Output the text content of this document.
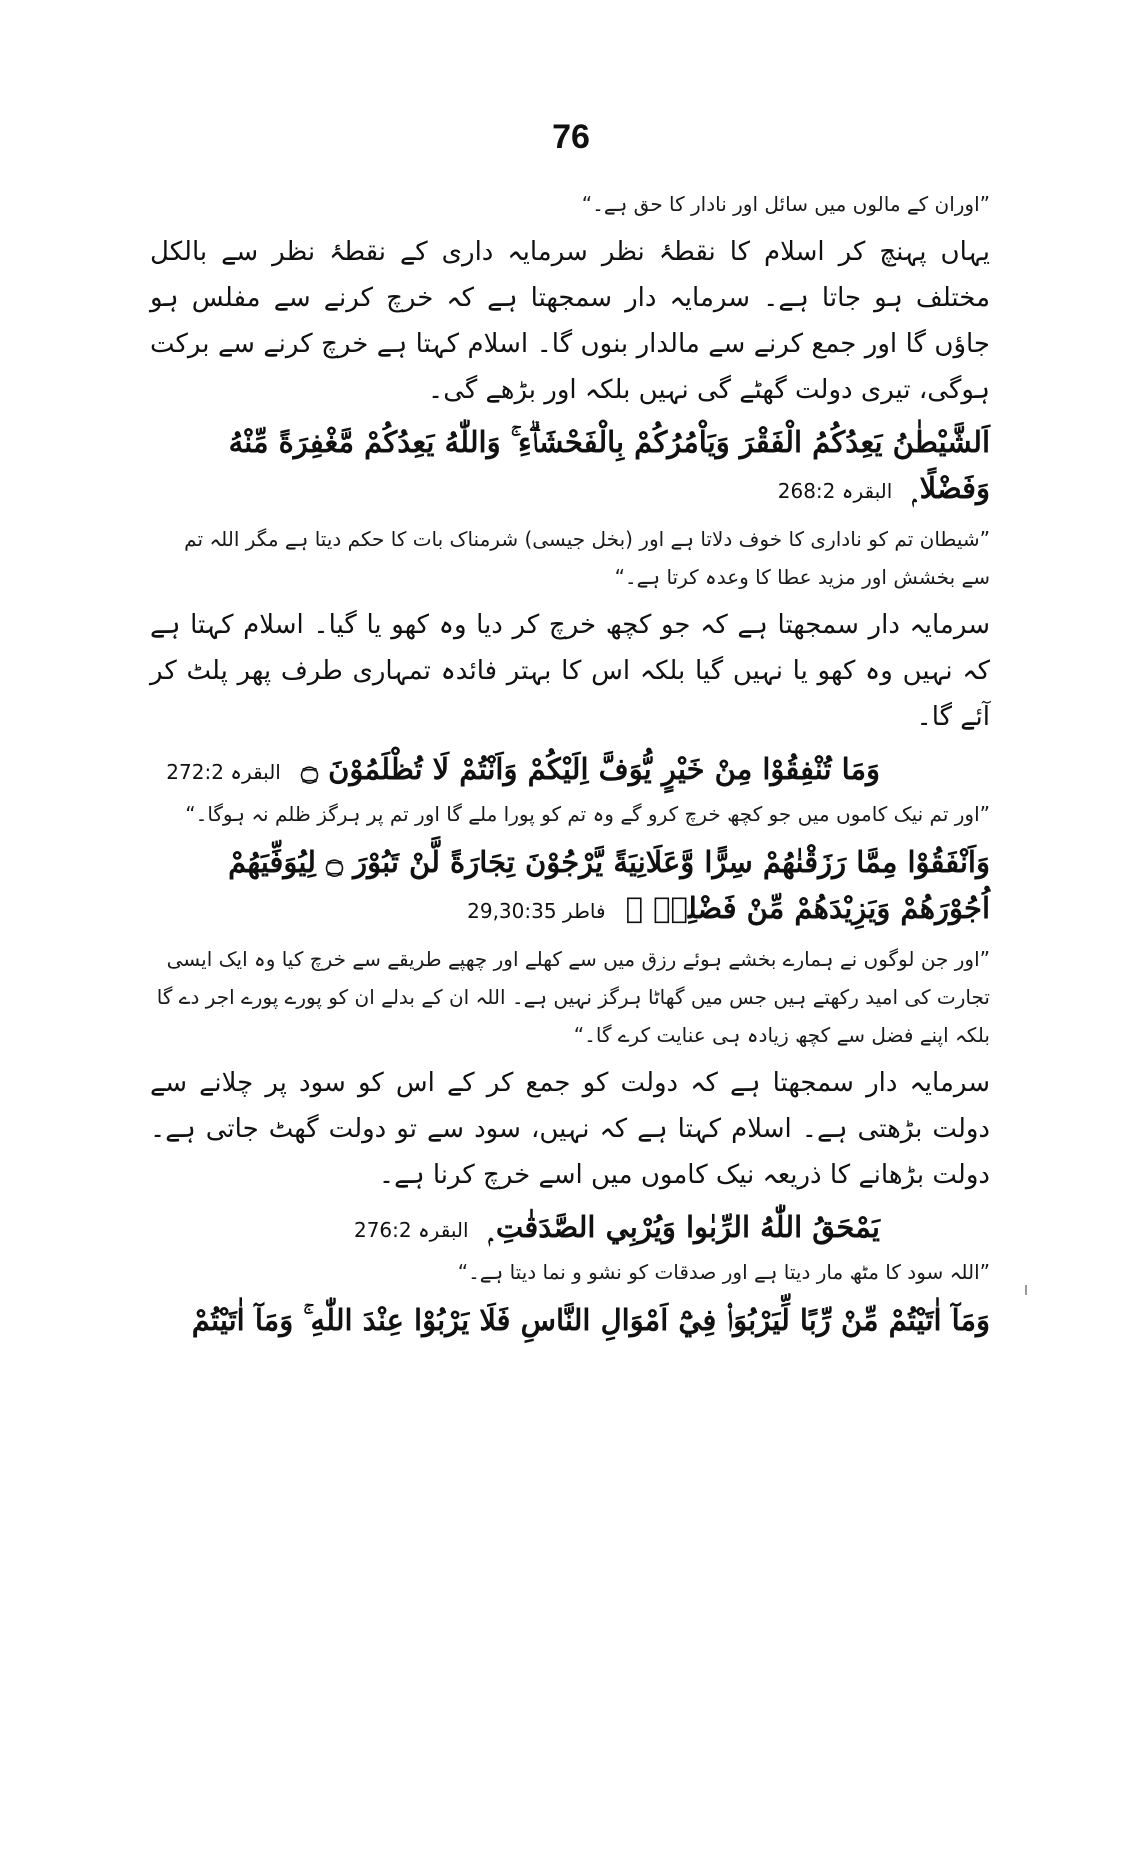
76

”اوران کے مالوں میں سائل اور نادار کا حق ہے۔“

یہاں پہنچ کر اسلام کا نقطۂ نظر سرمایہ داری کے نقطۂ نظر سے بالکل مختلف ہو جاتا ہے۔ سرمایہ دار سمجھتا ہے کہ خرچ کرنے سے مفلس ہو جاؤں گا اور جمع کرنے سے مالدار بنوں گا۔ اسلام کہتا ہے خرچ کرنے سے برکت ہوگی، تیری دولت گھٹے گی نہیں بلکہ اور بڑھے گی۔

اَلشَّيْطٰنُ يَعِدُكُمُ الْفَقْرَ وَيَاْمُرُكُمْ بِالْفَحْشَاۗءِ ۚ وَاللّٰهُ يَعِدُكُمْ مَّغْفِرَةً مِّنْهُ وَفَضْلًا ۭ البقرہ 268:2

”شیطان تم کو ناداری کا خوف دلاتا ہے اور (بخل جیسی) شرمناک بات کا حکم دیتا ہے مگر اللہ تم سے بخشش اور مزید عطا کا وعدہ کرتا ہے۔“

سرمایہ دار سمجھتا ہے کہ جو کچھ خرچ کر دیا وہ کھو یا گیا۔ اسلام کہتا ہے کہ نہیں وہ کھو یا نہیں گیا بلکہ اس کا بہتر فائدہ تمہاری طرف پھر پلٹ کر آئے گا۔

وَمَا تُنْفِقُوْا مِنْ خَيْرٍ يُّوَفَّ اِلَيْكُمْ وَاَنْتُمْ لَا تُظْلَمُوْنَ ۝ البقرہ 272:2

”اور تم نیک کاموں میں جو کچھ خرچ کرو گے وہ تم کو پورا ملے گا اور تم پر ہرگز ظلم نہ ہوگا۔“

وَاَنْفَقُوْا مِمَّا رَزَقْنٰهُمْ سِرًّا وَّعَلَانِيَةً يَّرْجُوْنَ تِجَارَةً لَّنْ تَبُوْرَ ۝ لِيُوَفِّيَهُمْ اُجُوْرَهُمْ وَيَزِيْدَهُمْ مِّنْ فَضْلِهٖ ۭ فاطر 29,30:35

”اور جن لوگوں نے ہمارے بخشے ہوئے رزق میں سے کھلے اور چھپے طریقے سے خرچ کیا وہ ایک ایسی تجارت کی امید رکھتے ہیں جس میں گھاٹا ہرگز نہیں ہے۔ اللہ ان کے بدلے ان کو پورے پورے اجر دے گا بلکہ اپنے فضل سے کچھ زیادہ ہی عنایت کرے گا۔“

سرمایہ دار سمجھتا ہے کہ دولت کو جمع کر کے اس کو سود پر چلانے سے دولت بڑھتی ہے۔ اسلام کہتا ہے کہ نہیں، سود سے تو دولت گھٹ جاتی ہے۔ دولت بڑھانے کا ذریعہ نیک کاموں میں اسے خرچ کرنا ہے۔

يَمْحَقُ اللّٰهُ الرِّبٰوا وَيُرْبِي الصَّدَقٰتِ ۭ البقرہ 276:2

”اللہ سود کا مٹھ مار دیتا ہے اور صدقات کو نشو و نما دیتا ہے۔“

وَمَآ اٰتَيْتُمْ مِّنْ رِّبًا لِّيَرْبُوَا۟ فِيْٓ اَمْوَالِ النَّاسِ فَلَا يَرْبُوْا عِنْدَ اللّٰهِ ۚ وَمَآ اٰتَيْتُمْ
